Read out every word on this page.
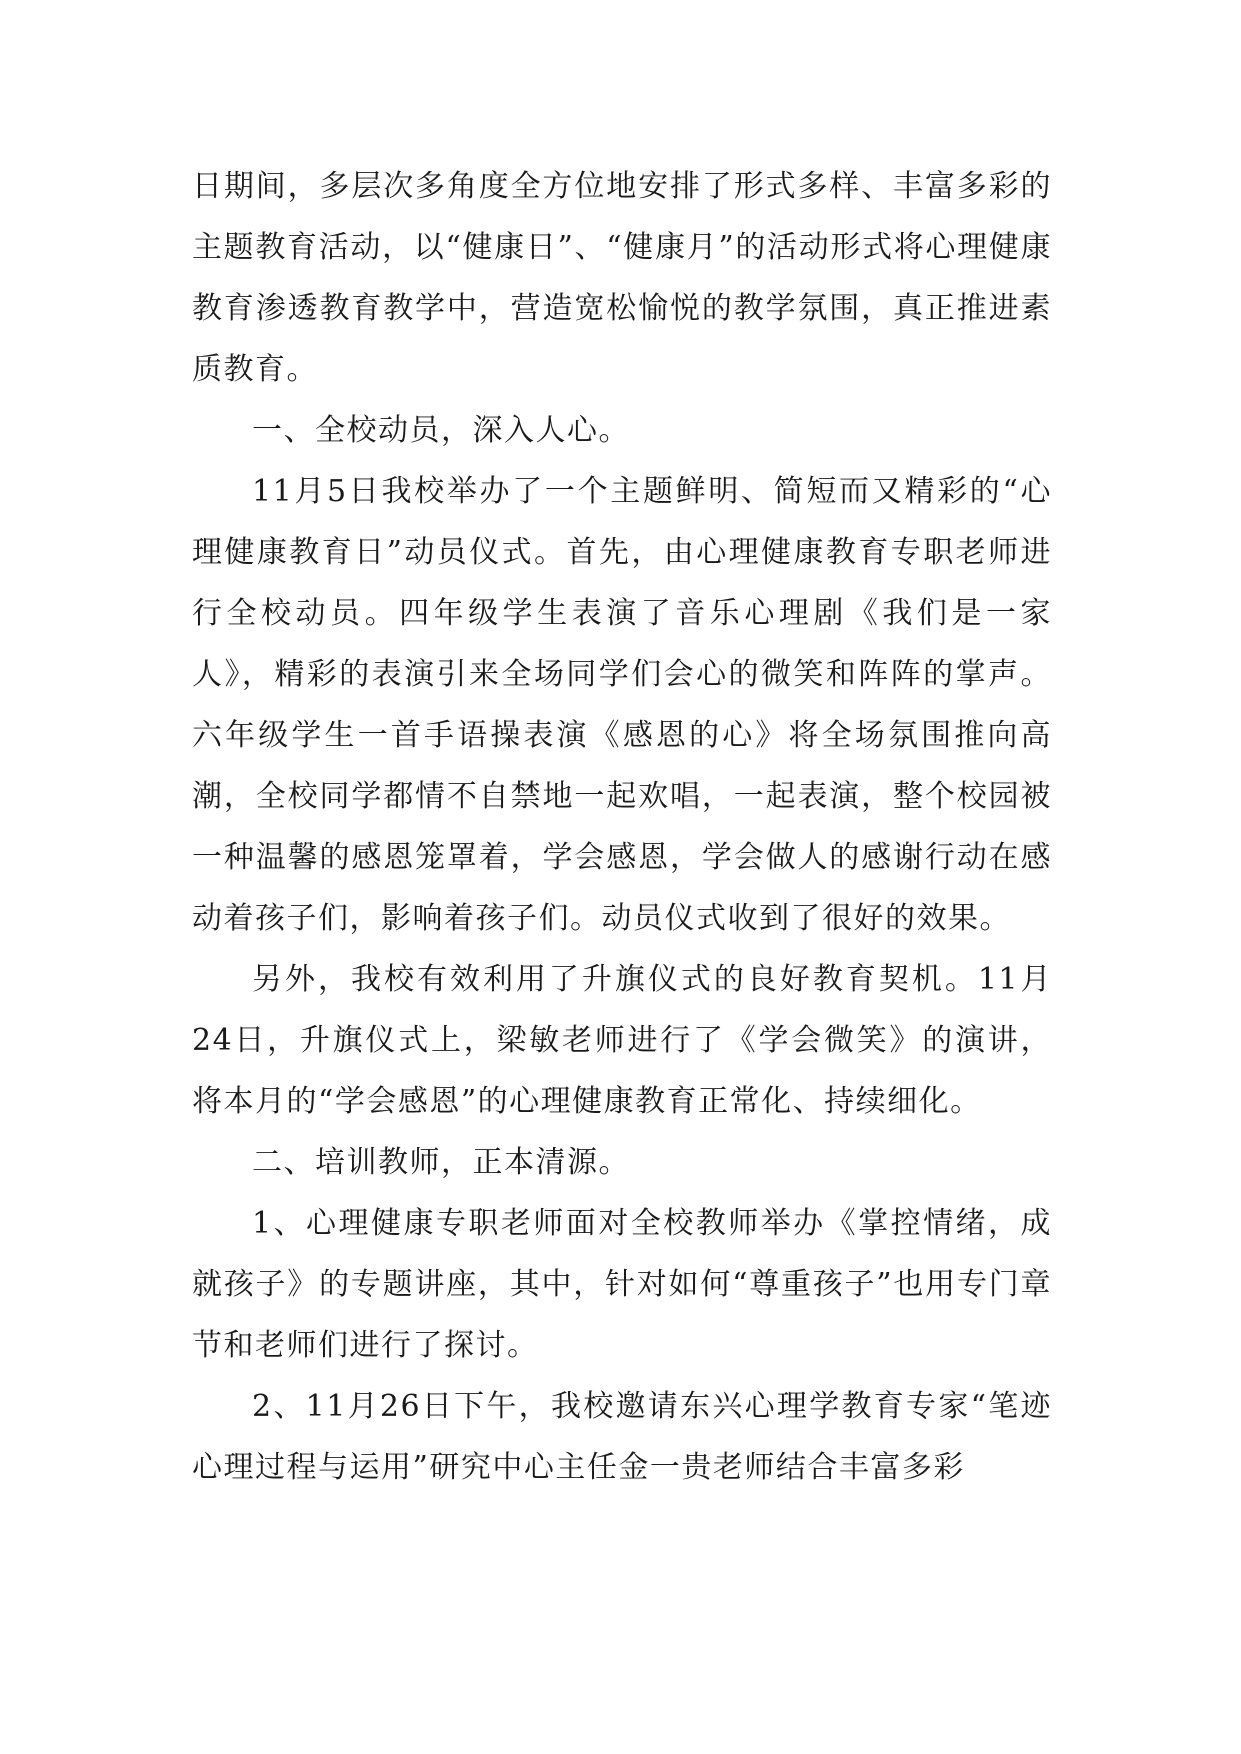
日期间，多层次多角度全方位地安排了形式多样、丰富多彩的主题教育活动，以“健康日”、“健康月”的活动形式将心理健康教育渗透教育教学中，营造宽松愉悦的教学氛围，真正推进素质教育。

一、全校动员，深入人心。

11月5日我校举办了一个主题鲜明、简短而又精彩的“心理健康教育日”动员仪式。首先，由心理健康教育专职老师进行全校动员。四年级学生表演了音乐心理剧《我们是一家人》，精彩的表演引来全场同学们会心的微笑和阵阵的掌声。六年级学生一首手语操表演《感恩的心》将全场氛围推向高潮，全校同学都情不自禁地一起欢唱，一起表演，整个校园被一种温馨的感恩笼罩着，学会感恩，学会做人的感谢行动在感动着孩子们，影响着孩子们。动员仪式收到了很好的效果。

另外，我校有效利用了升旗仪式的良好教育契机。11月24日，升旗仪式上，梁敏老师进行了《学会微笑》的演讲，将本月的“学会感恩”的心理健康教育正常化、持续细化。

二、培训教师，正本清源。

1、心理健康专职老师面对全校教师举办《掌控情绪，成就孩子》的专题讲座，其中，针对如何“尊重孩子”也用专门章节和老师们进行了探讨。

2、11月26日下午，我校邀请东兴心理学教育专家“笔迹心理过程与运用”研究中心主任金一贵老师结合丰富多彩
